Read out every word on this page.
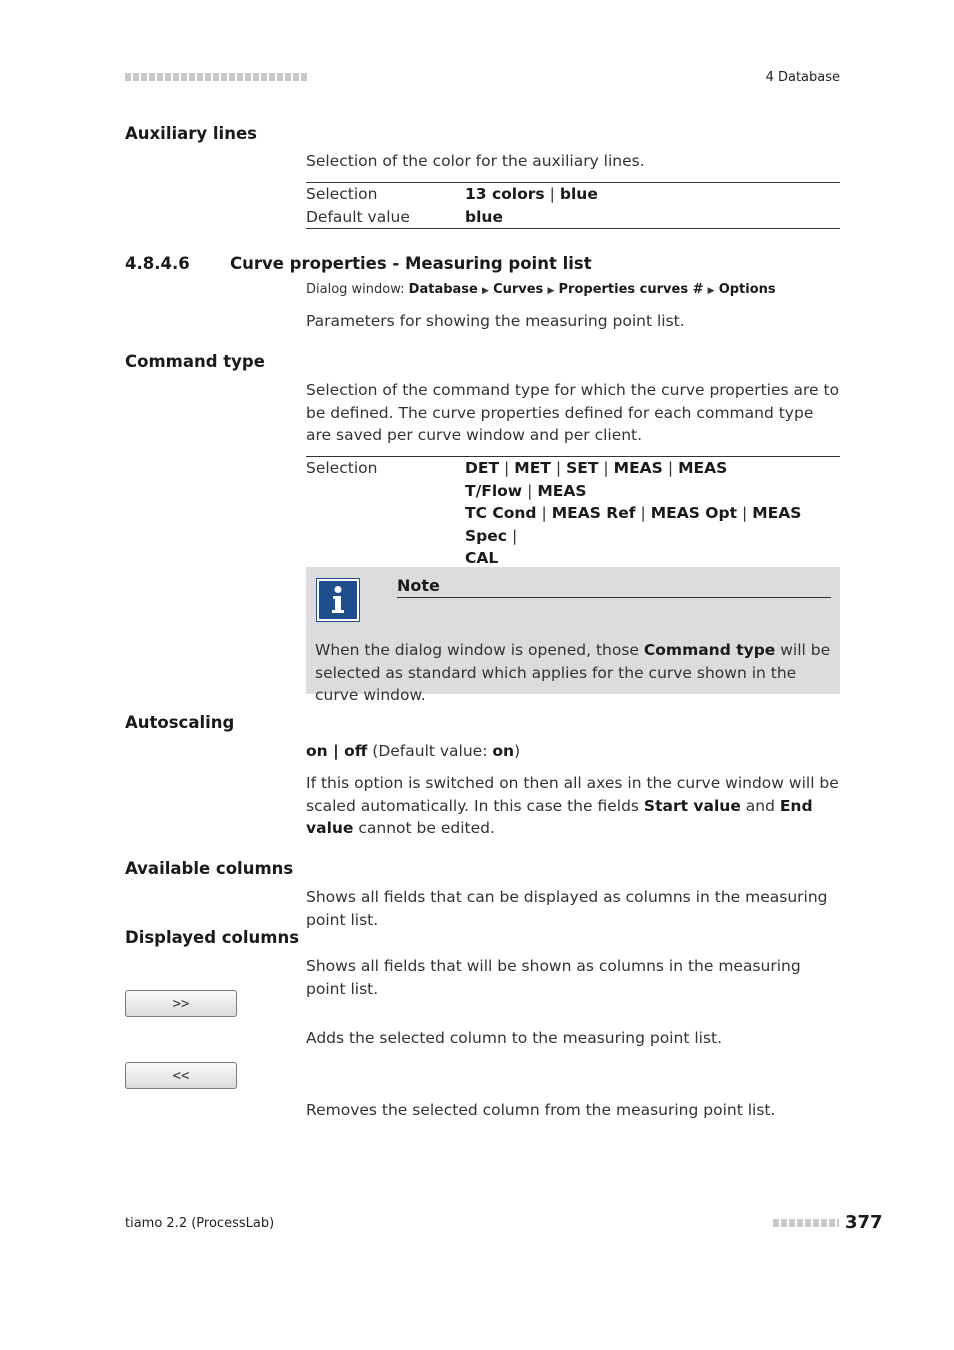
4 Database
Auxiliary lines
Selection of the color for the auxiliary lines.
Selection	13 colors | blue
Default value	blue
4.8.4.6 Curve properties - Measuring point list
Dialog window: Database ▶ Curves ▶ Properties curves # ▶ Options
Parameters for showing the measuring point list.
Command type
Selection of the command type for which the curve properties are to be defined. The curve properties defined for each command type are saved per curve window and per client.
Selection	DET | MET | SET | MEAS | MEAS T/Flow | MEAS
TC Cond | MEAS Ref | MEAS Opt | MEAS Spec |
CAL
Note
When the dialog window is opened, those Command type will be selected as standard which applies for the curve shown in the curve window.
Autoscaling
on | off (Default value: on)
If this option is switched on then all axes in the curve window will be scaled automatically. In this case the fields Start value and End value cannot be edited.
Available columns
Shows all fields that can be displayed as columns in the measuring point list.
Displayed columns
Shows all fields that will be shown as columns in the measuring point list.
>>
Adds the selected column to the measuring point list.
<<
Removes the selected column from the measuring point list.
tiamo 2.2 (ProcessLab)	377
